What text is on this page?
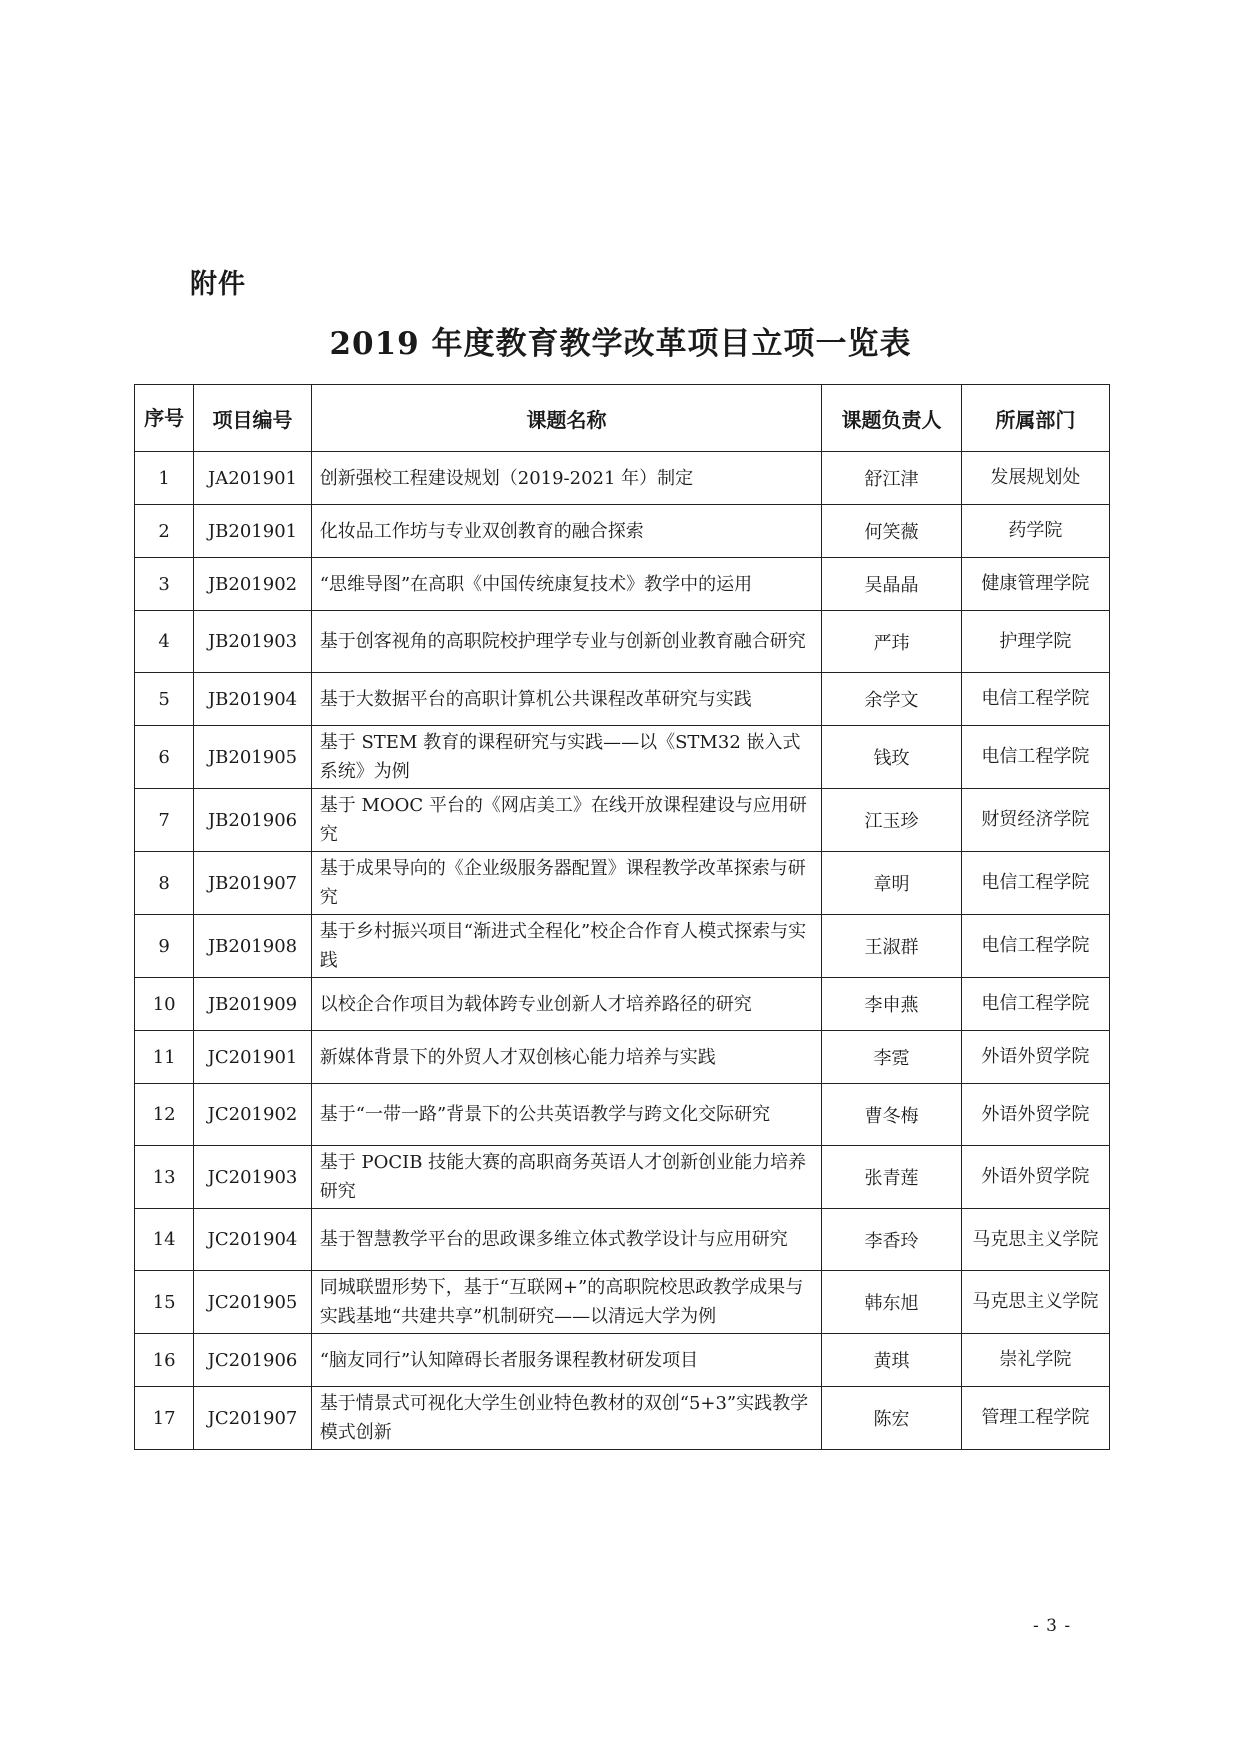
附件
2019 年度教育教学改革项目立项一览表
序号	项目编号	课题名称	课题负责人	所属部门
1	JA201901	创新强校工程建设规划（2019-2021 年）制定	舒江津	发展规划处
2	JB201901	化妆品工作坊与专业双创教育的融合探索	何笑薇	药学院
3	JB201902	“思维导图”在高职《中国传统康复技术》教学中的运用	吴晶晶	健康管理学院
4	JB201903	基于创客视角的高职院校护理学专业与创新创业教育融合研究	严玮	护理学院
5	JB201904	基于大数据平台的高职计算机公共课程改革研究与实践	余学文	电信工程学院
6	JB201905	基于 STEM 教育的课程研究与实践——以《STM32 嵌入式系统》为例	钱玫	电信工程学院
7	JB201906	基于 MOOC 平台的《网店美工》在线开放课程建设与应用研究	江玉珍	财贸经济学院
8	JB201907	基于成果导向的《企业级服务器配置》课程教学改革探索与研究	章明	电信工程学院
9	JB201908	基于乡村振兴项目“渐进式全程化”校企合作育人模式探索与实践	王淑群	电信工程学院
10	JB201909	以校企合作项目为载体跨专业创新人才培养路径的研究	李申燕	电信工程学院
11	JC201901	新媒体背景下的外贸人才双创核心能力培养与实践	李霓	外语外贸学院
12	JC201902	基于“一带一路”背景下的公共英语教学与跨文化交际研究	曹冬梅	外语外贸学院
13	JC201903	基于 POCIB 技能大赛的高职商务英语人才创新创业能力培养研究	张青莲	外语外贸学院
14	JC201904	基于智慧教学平台的思政课多维立体式教学设计与应用研究	李香玲	马克思主义学院
15	JC201905	同城联盟形势下，基于“互联网+”的高职院校思政教学成果与实践基地“共建共享”机制研究——以清远大学为例	韩东旭	马克思主义学院
16	JC201906	“脑友同行”认知障碍长者服务课程教材研发项目	黄琪	崇礼学院
17	JC201907	基于情景式可视化大学生创业特色教材的双创“5+3”实践教学模式创新	陈宏	管理工程学院
- 3 -
